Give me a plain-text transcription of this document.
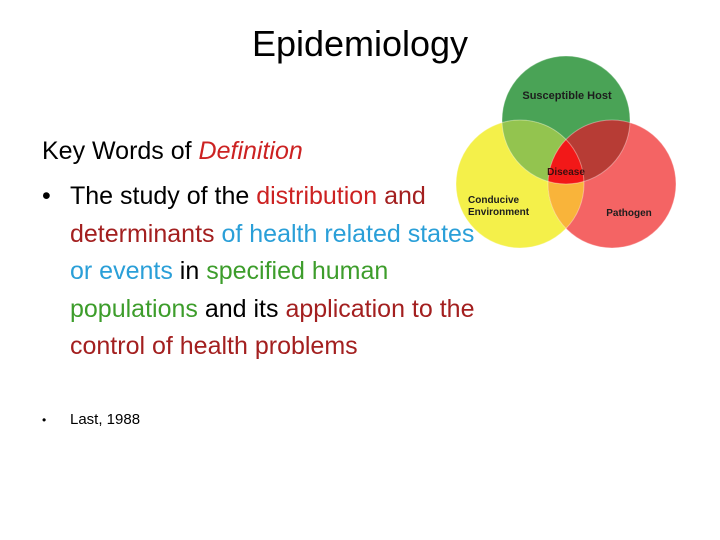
Epidemiology
Key Words of Definition
• The study of the distribution and determinants of health related states or events in specified human populations and its application to the control of health problems
• Last, 1988
Susceptible Host
Disease
Conducive
Environment	Pathogen
